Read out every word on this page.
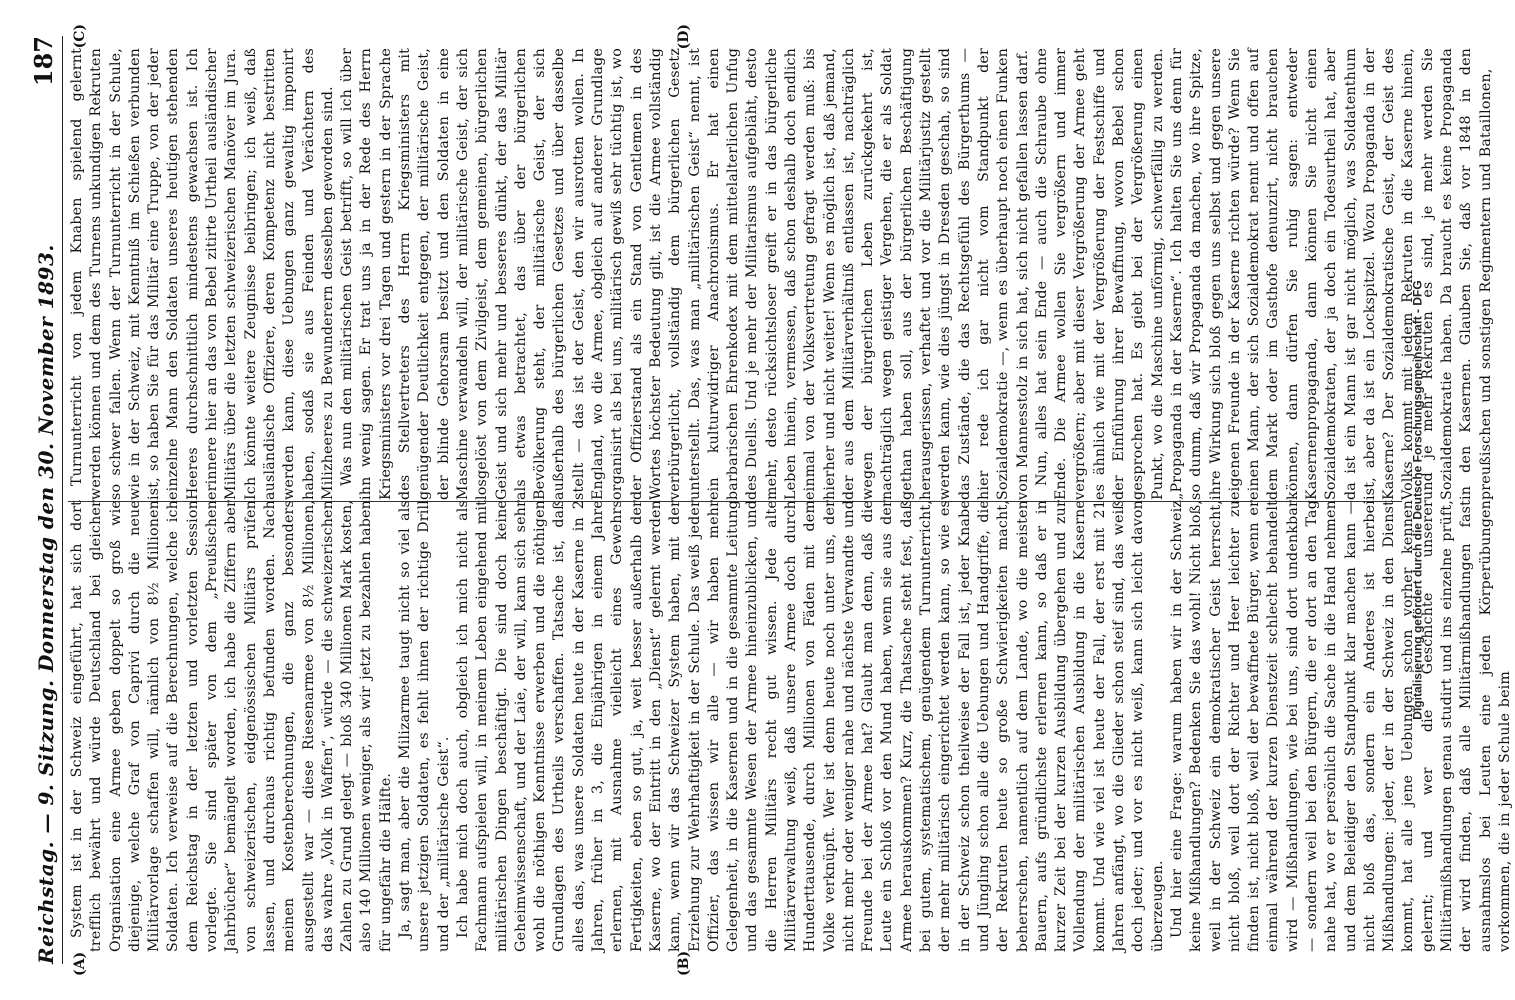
Reichstag. — 9. Sitzung. Donnerstag den 30. November 1893.
187
(A)	(B)
(C)	(D)

System ist in der Schweiz eingeführt, hat sich dort trefflich bewährt und würde Deutschland bei gleicher Organisation eine Armee geben doppelt so groß wie diejenige, welche Graf von Caprivi durch die neue Militärvorlage schaffen will, nämlich von 8½ Millionen Soldaten. Ich verweise auf die Berechnungen, welche ich dem Reichstag in der letzten und vorletzten Session vorlegte. Sie sind später von dem „Preußischen Jahrbücher“ bemängelt worden, ich habe die Ziffern aber von schweizerischen, eidgenössischen Militärs prüfen lassen, und durchaus richtig befunden worden. Nach meinen Kostenberechnungen, die ganz besonders ausgestellt war — diese Riesenarmee von 8½ Millionen, das wahre „Volk in Waffen“, würde — die schweizerischen Zahlen zu Grund gelegt — bloß 340 Millionen Mark kosten, also 140 Millionen weniger, als wir jetzt zu bezahlen haben für ungefähr die Hälfte. Ja, sagt man, aber die Milizarmee taugt nicht so viel als unsere jetzigen Soldaten, es fehlt ihnen der richtige Drill und der „militärische Geist“. Ich habe mich doch auch, obgleich ich mich nicht als Fachmann aufspielen will, in meinem Leben eingehend mit militärischen Dingen beschäftigt. Die sind doch keine Geheimwissenschaft, und der Laie, der will, kann sich sehr wohl die nöthigen Kenntnisse erwerben und die nöthigen Grundlagen des Urtheils verschaffen. Tatsache ist, daß alles das, was unsere Soldaten heute in der Kaserne in 2 Jahren, früher in 3, die Einjährigen in einem Jahre erlernen, mit Ausnahme vielleicht eines Gewehrs Fertigkeiten, eben so gut, ja, weit besser außerhalb der Kaserne, wo der Eintritt in den „Dienst“ gelernt werden kann, wenn wir das Schweizer System haben, mit der Erziehung zur Wehrhaftigkeit in der Schule. Das weiß jeder Offizier, das wissen wir alle — wir haben mehr Gelegenheit, in die Kasernen und in die gesammte Leitung und das gesammte Wesen der Armee hineinzublicken, und die Herren Militärs recht gut wissen. Jede alte Militärverwaltung weiß, daß unsere Armee doch durch Hunderttausende, durch Millionen von Fäden mit dem Volke verknüpft. Wer ist denn heute noch unter uns, der nicht mehr oder weniger nahe und nächste Verwandte und Freunde bei der Armee hat? Glaubt man denn, daß die Leute ein Schloß vor den Mund haben, wenn sie aus der Armee herauskommen? Kurz, die Thatsache steht fest, daß bei gutem, systematischem, genügendem Turnunterricht, der mehr militärisch eingerichtet werden kann, so wie es in der Schweiz schon theilweise der Fall ist, jeder Knabe und Jüngling schon alle die Uebungen und Handgriffe, die der Rekruten heute so große Schwierigkeiten macht, beherrschen, namentlich auf dem Lande, wo die meisten Bauern, aufs gründlichste erlernen kann, so daß er in kurzer Zeit bei der kurzen Ausbildung übergehen und zur Vollendung der militärischen Ausbildung in die Kaserne kommt. Und wie viel ist heute der Fall, der erst mit 21 Jahren anfängt, wo die Glieder schon steif sind, das weiß doch jeder; und vor es nicht weiß, kann sich leicht davon überzeugen. Und hier eine Frage: warum haben wir in der Schweiz keine Mißhandlungen? Bedenken Sie das wohl! Nicht bloß, weil in der Schweiz ein demokratischer Geist herrscht, nicht bloß, weil dort der Richter und Heer leichter zu finden ist, nicht bloß, weil der bewaffnete Bürger, wenn er einmal während der kurzen Dienstzeit schlecht behandelt wird — Mißhandlungen, wie bei uns, sind dort undenkbar — sondern weil bei den Bürgern, die er dort an den Tag nahe hat, wo er persönlich die Sache in die Hand nehmen und dem Beleidiger den Standpunkt klar machen kann — nicht bloß das, sondern ein Anderes ist hierbei Mißhandlungen: jeder, der in der Schweiz in den Dienst kommt, hat alle jene Uebungen schon vorher kennen gelernt; und wer die Geschichte unserer Militärmißhandlungen genau studirt und ins einzelne prüft, der wird finden, daß alle Militärmißhandlungen fast ausnahmslos bei Leuten eine jeden Körperübungen vorkommen, die in jeder Schule beim

Turnunterricht von jedem Knaben spielend gelernt werden können und dem des Turnens unkundigen Rekruten so schwer fallen. Wenn der Turnunterricht in der Schule, wie in der Schweiz, mit Kenntniß im Schießen verbunden ist, so haben Sie für das Militär eine Truppe, von der jeder einzelne Mann den Soldaten unseres heutigen stehenden Heeres durchschnittlich mindestens gewachsen ist. Ich erinnere hier an das von Bebel zitirte Urtheil ausländischer Militärs über die letzten schweizerischen Manöver im Jura. Ich könnte weitere Zeugnisse beibringen; ich weiß, daß ausländische Offiziere, deren Kompetenz nicht bestritten werden kann, diese Uebungen ganz gewaltig imponirt haben, sodaß sie aus Feinden und Verächtern des Milizheeres zu Bewunderern desselben geworden sind. Was nun den militärischen Geist betrifft, so will ich über ihn wenig sagen. Er trat uns ja in der Rede des Herrn Kriegsministers vor drei Tagen und gestern in der Sprache des Stellvertreters des Herrn Kriegsministers mit genügender Deutlichkeit entgegen, der militärische Geist, der blinde Gehorsam besitzt und den Soldaten in eine Maschine verwandeln will, der militärische Geist, der sich losgelöst von dem Zivilgeist, dem gemeinen, bürgerlichen Geist und sich mehr und besseres dünkt, der das Militär als etwas betrachtet, das über der bürgerlichen Bevölkerung steht, der militärische Geist, der sich außerhalb des bürgerlichen Gesetzes und über dasselbe stellt — das ist der Geist, den wir ausrotten wollen. In England, wo die Armee, obgleich auf anderer Grundlage organisirt als bei uns, militärisch gewiß sehr tüchtig ist, wo der Offizierstand als ein Stand von Gentlemen in des Wortes höchster Bedeutung gilt, ist die Armee vollständig verbürgerlicht, vollständig dem bürgerlichen Gesetz unterstellt. Das, was man „militärischen Geist“ nennt, ist ein kulturwidriger Anachronismus. Er hat einen barbarischen Ehrenkodex mit dem mittelalterlichen Unfug des Duells. Und je mehr der Militarismus aufgebläht, desto mehr, desto rücksichtsloser greift er in das bürgerliche Leben hinein, vermessen, daß schon deshalb doch endlich einmal von der Volksvertretung gefragt werden muß: bis hierher und nicht weiter! Wenn es möglich ist, daß jemand, der aus dem Militärverhältniß entlassen ist, nachträglich wegen der bürgerlichen Leben zurückgekehrt ist, nachträglich wegen geistiger Vergehen, die er als Soldat gethan haben soll, aus der bürgerlichen Beschäftigung herausgerissen, verhaftet und vor die Militärjustiz gestellt werden kann, wie dies jüngst in Dresden geschah, so sind das Zustände, die das Rechtsgefühl des Bürgerthums — hier rede ich gar nicht vom Standpunkt der Sozialdemokratie —, wenn es überhaupt noch einen Funken von Mannesstolz in sich hat, sich nicht gefallen lassen darf. Nun, alles hat sein Ende — auch die Schraube ohne Ende. Die Armee wollen Sie vergrößern und immer vergrößern; aber mit dieser Vergrößerung der Armee geht es ähnlich wie mit der Vergrößerung der Festschiffe und der Einführung ihrer Bewaffnung, wovon Bebel schon gesprochen hat. Es giebt bei der Vergrößerung einen Punkt, wo die Maschine unförmig, schwerfällig zu werden. „Propaganda in der Kaserne“. Ich halten Sie uns denn für so dumm, daß wir Propaganda da machen, wo ihre Spitze, ihre Wirkung sich bloß gegen uns selbst und gegen unsere eigenen Freunde in der Kaserne richten würde? Wenn Sie einen Mann, der sich Sozialdemokrat nennt und offen auf dem Markt oder im Gasthofe denunzirt, nicht brauchen können, dann dürfen Sie ruhig sagen: entweder Kasernenpropaganda, dann können Sie nicht einen Sozialdemokraten, der ja doch ein Todesurtheil hat, aber da ist ein Mann ist gar nicht möglich, was Soldatenthum ist, aber da ist ein Lockspitzel. Wozu Propaganda in der Kaserne? Der Sozialdemokratische Geist, der Geist des Volks kommt mit jedem Rekruten in die Kaserne hinein, und je mehr Rekruten es sind, je mehr werden Sie Sozialdemokratie haben. Da braucht es keine Propaganda in den Kasernen. Glauben Sie, daß vor 1848 in den preußischen und sonstigen Regimentern und Bataillonen,

Digitalisierung gefördert durch die Deutsche Forschungsgemeinschaft - DFG
